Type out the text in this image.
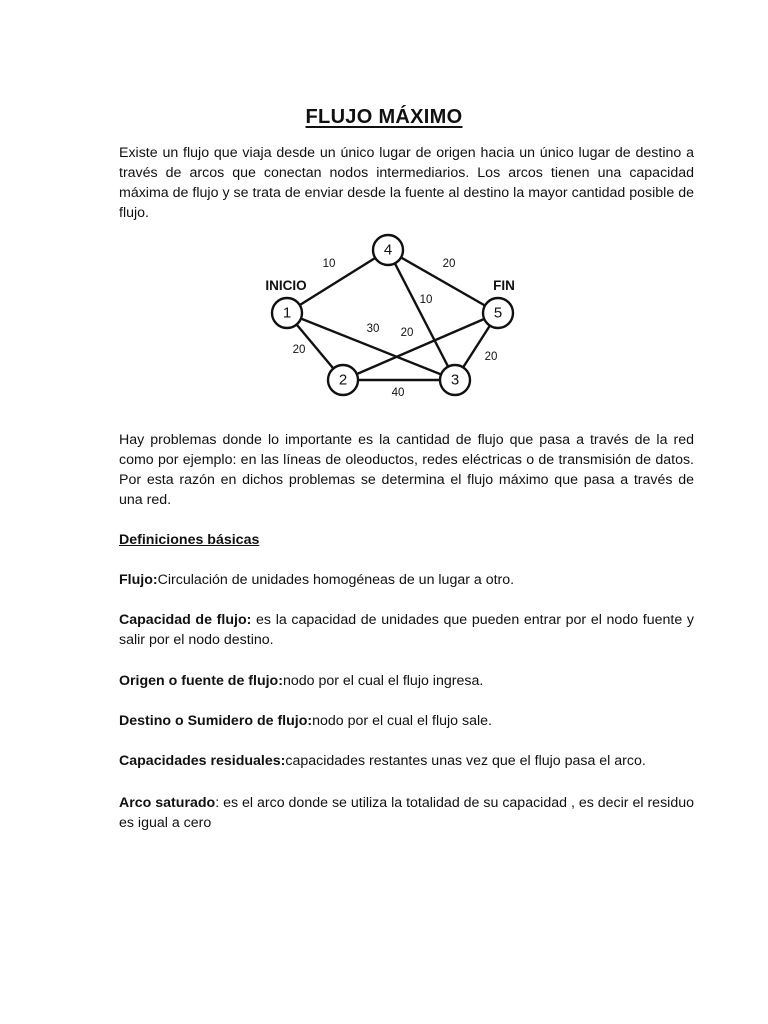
FLUJO MÁXIMO

Existe un flujo que viaja desde un único lugar de origen hacia un único lugar de destino a través de arcos que conectan nodos intermediarios. Los arcos tienen una capacidad máxima de flujo y se trata de enviar desde la fuente al destino la mayor cantidad posible de flujo.

10	20
10
30 20
20
20
40
INICIO	FIN
1
2	3
4
5

Hay problemas donde lo importante es la cantidad de flujo que pasa a través de la red como por ejemplo: en las líneas de oleoductos, redes eléctricas o de transmisión de datos. Por esta razón en dichos problemas se determina el flujo máximo que pasa a través de una red.

Definiciones básicas

Flujo:Circulación de unidades homogéneas de un lugar a otro.

Capacidad de flujo: es la capacidad de unidades que pueden entrar por el nodo fuente y salir por el nodo destino.

Origen o fuente de flujo:nodo por el cual el flujo ingresa.

Destino o Sumidero de flujo:nodo por el cual el flujo sale.

Capacidades residuales:capacidades restantes unas vez que el flujo pasa el arco.

Arco saturado: es el arco donde se utiliza la totalidad de su capacidad , es decir el residuo es igual a cero
